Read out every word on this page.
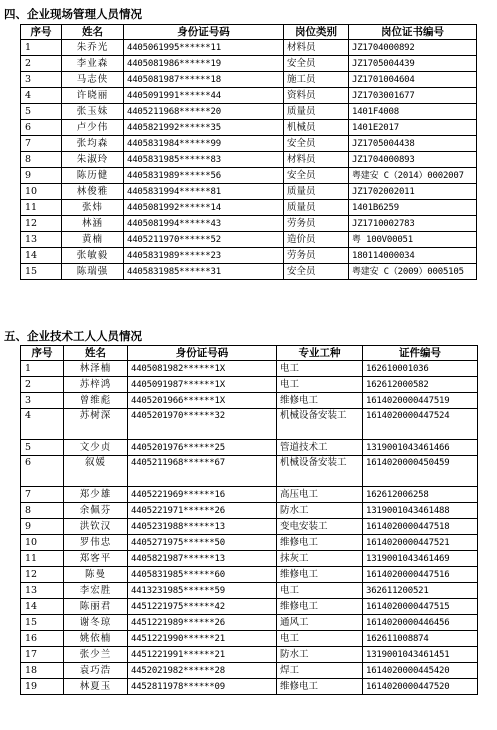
四、企业现场管理人员情况
序号	姓名	身份证号码	岗位类别	岗位证书编号
1	朱乔光	4405061995******11	材料员	JZ1704000892
2	李业森	4405081986******19	安全员	JZ1705004439
3	马志侠	4405081987******18	施工员	JZ1701004604
4	许晓丽	4405091991******44	资料员	JZ1703001677
5	张玉妹	4405211968******20	质量员	1401F4008
6	卢少伟	4405821992******35	机械员	1401E2017
7	张均森	4405831984******99	安全员	JZ1705004438
8	朱淑玲	4405831985******83	材料员	JZ1704000893
9	陈历健	4405831989******56	安全员	粤建安 C（2014）0002007
10	林俊雅	4405831994******81	质量员	JZ1702002011
11	张炜	4405081992******14	质量员	1401B6259
12	林涵	4405081994******43	劳务员	JZ1710002783
13	黄楠	4405211970******52	造价员	粤 100V00051
14	张敏毅	4405831989******23	劳务员	180114000034
15	陈瑞强	4405831985******31	安全员	粤建安 C（2009）0005105
五、企业技术工人人员情况
序号	姓名	身份证号码	专业工种	证件编号
1	林泽楠	4405081982******1X	电工	162610001036
2	苏梓鸿	4405091987******1X	电工	162612000582
3	曾维彪	4405201966******1X	维修电工	1614020000447519
4	苏树深	4405201970******32	机械设备安装工	1614020000447524
5	文少贞	4405201976******25	管道技术工	1319001043461466
6	叙媛	4405211968******67	机械设备安装工	1614020000450459
7	郑少雄	4405221969******16	高压电工	162612006258
8	余佩芬	4405221971******26	防水工	1319001043461488
9	洪钦汉	4405231988******13	变电安装工	1614020000447518
10	罗伟忠	4405271975******50	维修电工	1614020000447521
11	郑客平	4405821987******13	抹灰工	1319001043461469
12	陈曼	4405831985******60	维修电工	1614020000447516
13	李宏胜	4413231985******59	电工	362611200521
14	陈丽君	4451221975******42	维修电工	1614020000447515
15	谢冬琼	4451221989******26	通风工	1614020000446456
16	姚依楠	4451221990******21	电工	162611008874
17	张少兰	4451221991******21	防水工	1319001043461451
18	袁巧浩	4452021982******28	焊工	1614020000445420
19	林夏玉	4452811978******09	维修电工	1614020000447520
